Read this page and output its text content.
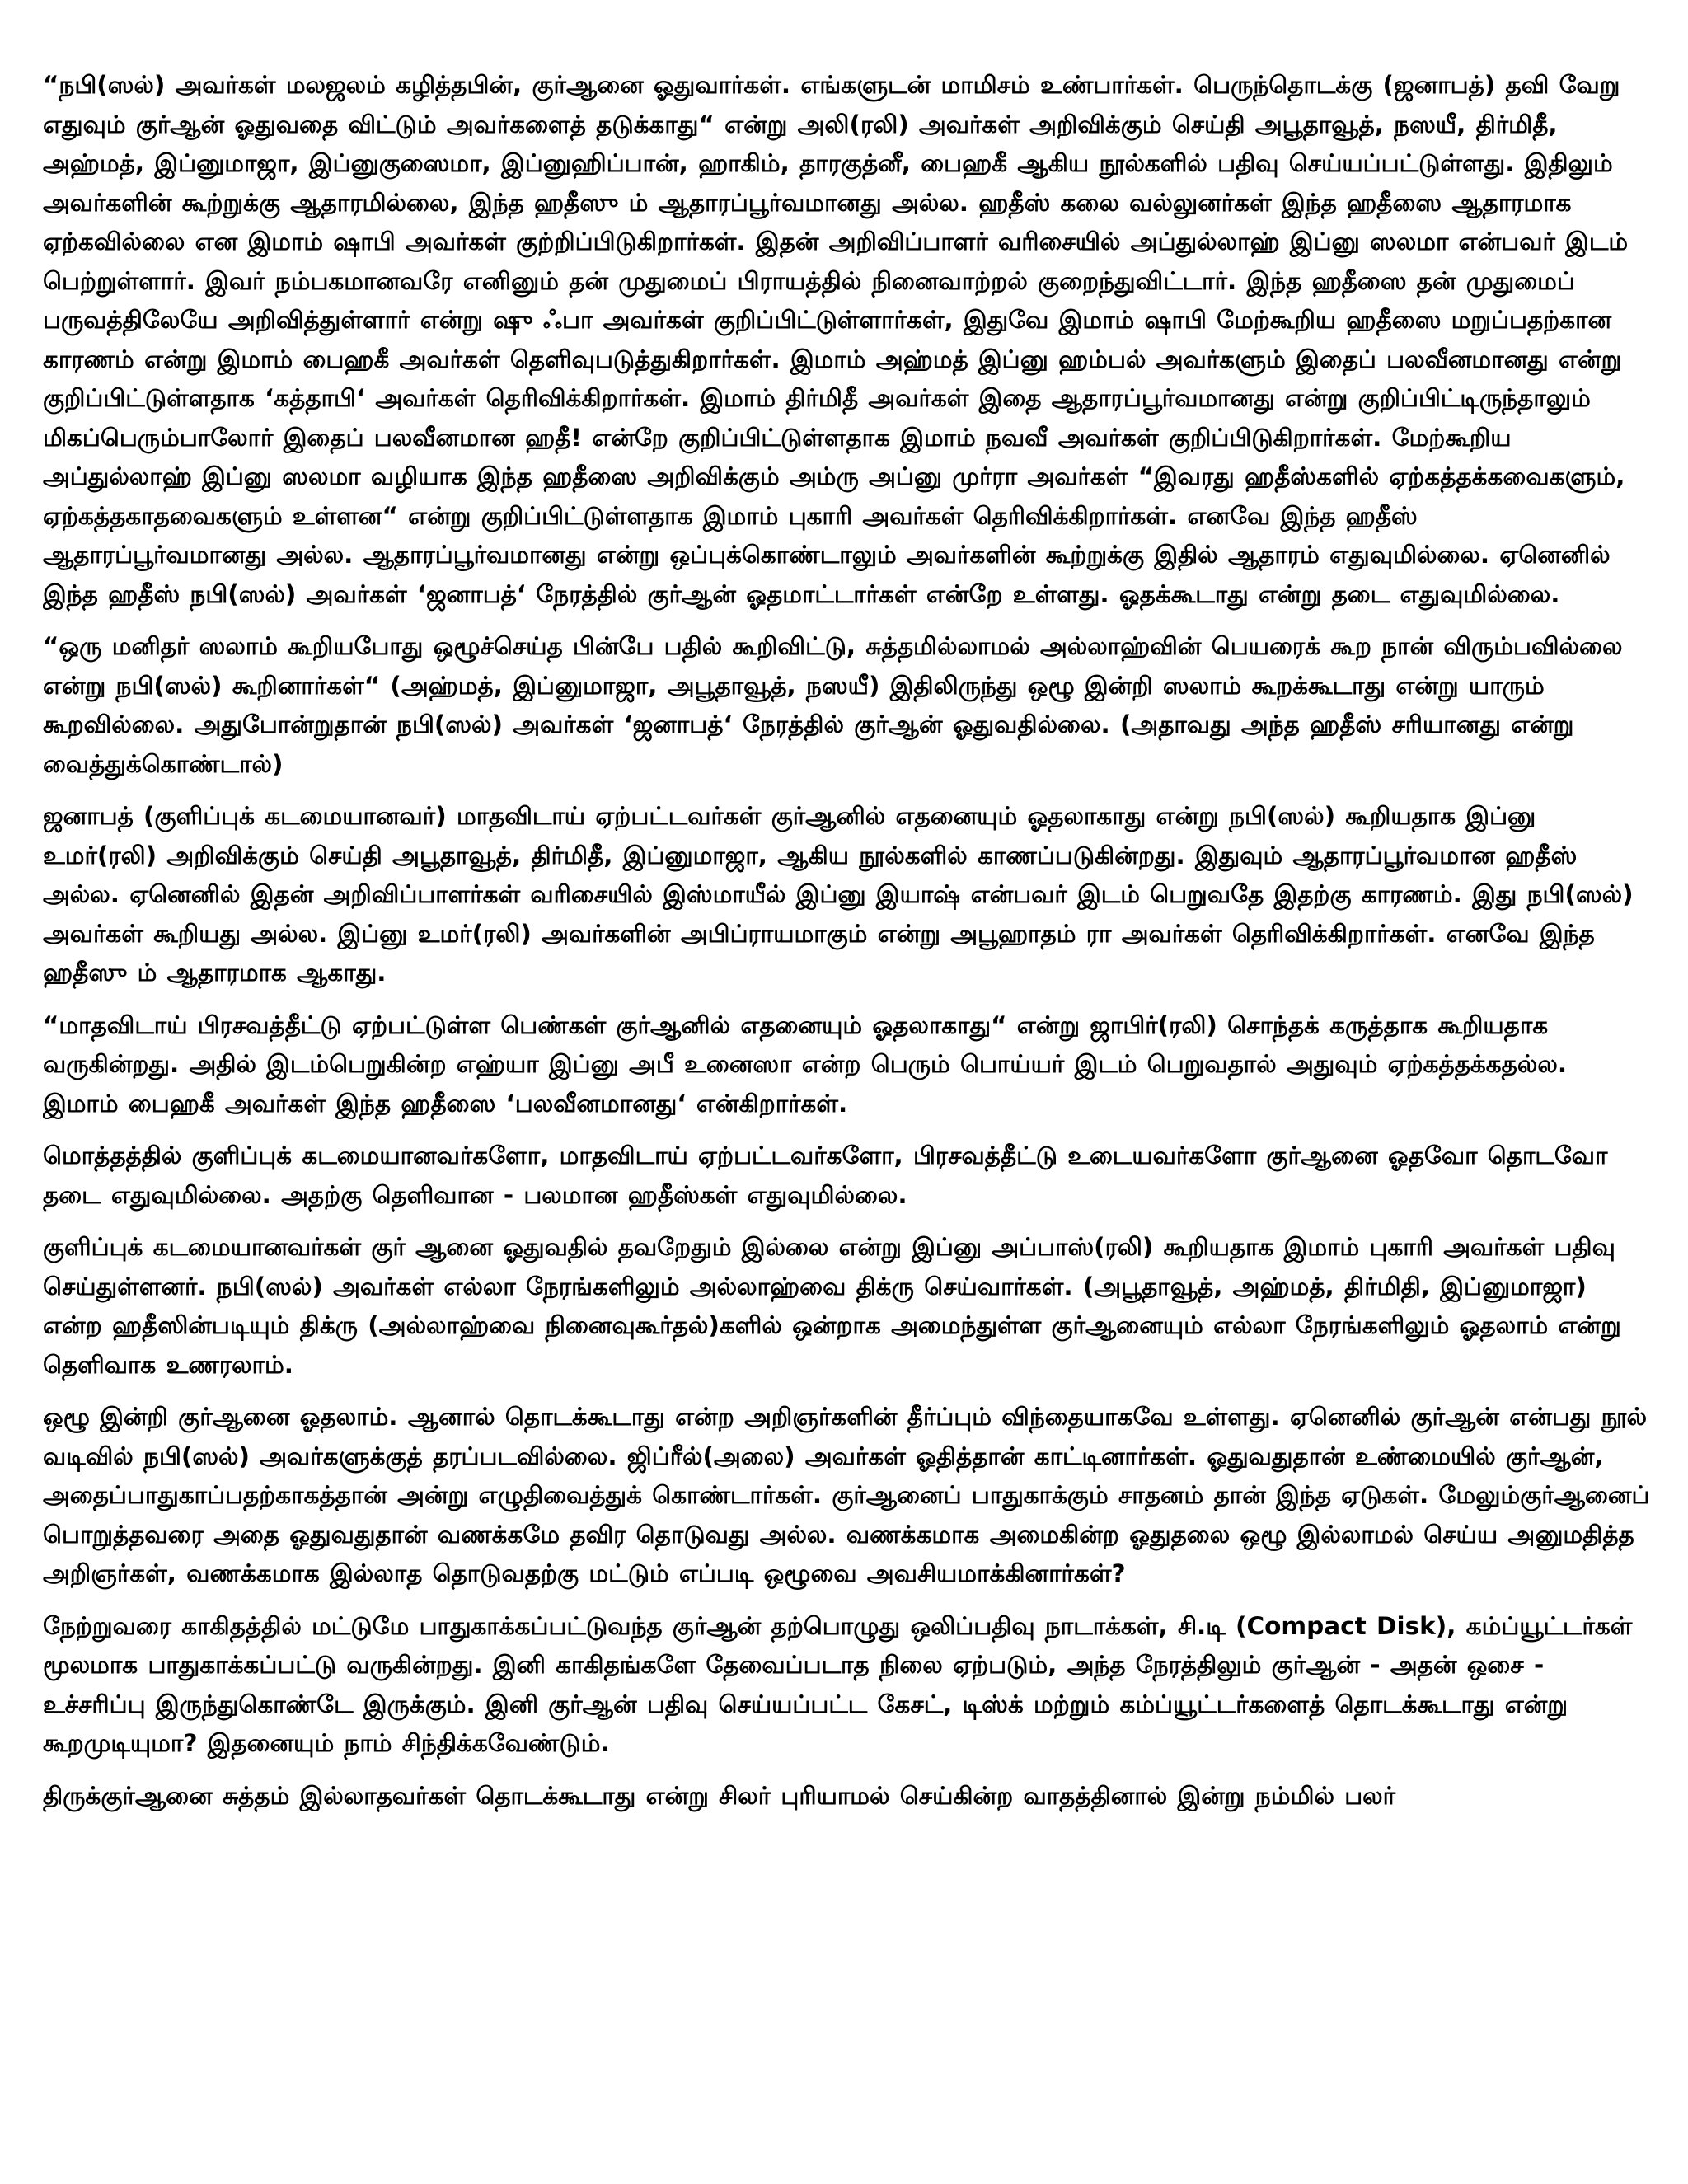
“நபி(ஸல்) அவர்கள் மலஜலம் கழித்தபின், குர்ஆனை ஓதுவார்கள். எங்களுடன் மாமிசம் உண்பார்கள். பெருந்தொடக்கு (ஜனாபத்) தவி வேறு எதுவும் குர்ஆன் ஓதுவதை விட்டும் அவர்களைத் தடுக்காது“ என்று அலி(ரலி) அவர்கள் அறிவிக்கும் செய்தி அபூதாவூத், நஸயீ, திர்மிதீ, அஹ்மத், இப்னுமாஜா, இப்னுகுஸைமா, இப்னுஹிப்பான், ஹாகிம், தாரகுத்னீ, பைஹகீ ஆகிய நூல்களில் பதிவு செய்யப்பட்டுள்ளது. இதிலும் அவர்களின் கூற்றுக்கு ஆதாரமில்லை, இந்த ஹதீஸு ம் ஆதாரப்பூர்வமானது அல்ல. ஹதீஸ் கலை வல்லுனர்கள் இந்த ஹதீஸை ஆதாரமாக ஏற்கவில்லை என இமாம் ஷாபி அவர்கள் குற்றிப்பிடுகிறார்கள். இதன் அறிவிப்பாளர் வரிசையில் அப்துல்லாஹ் இப்னு ஸலமா என்பவர் இடம் பெற்றுள்ளார். இவர் நம்பகமானவரே எனினும் தன் முதுமைப் பிராயத்தில் நினைவாற்றல் குறைந்துவிட்டார். இந்த ஹதீஸை தன் முதுமைப் பருவத்திலேயே அறிவித்துள்ளார் என்று ஷு ஃபா அவர்கள் குறிப்பிட்டுள்ளார்கள், இதுவே இமாம் ஷாபி மேற்கூறிய ஹதீஸை மறுப்பதற்கான காரணம் என்று இமாம் பைஹகீ அவர்கள் தெளிவுபடுத்துகிறார்கள். இமாம் அஹ்மத் இப்னு ஹம்பல் அவர்களும் இதைப் பலவீனமானது என்று குறிப்பிட்டுள்ளதாக ‘கத்தாபி‘ அவர்கள் தெரிவிக்கிறார்கள். இமாம் திர்மிதீ அவர்கள் இதை ஆதாரப்பூர்வமானது என்று குறிப்பிட்டிருந்தாலும் மிகப்பெரும்பாலோர் இதைப் பலவீனமான ஹதீ! என்றே குறிப்பிட்டுள்ளதாக இமாம் நவவீ அவர்கள் குறிப்பிடுகிறார்கள். மேற்கூறிய அப்துல்லாஹ் இப்னு ஸலமா வழியாக இந்த ஹதீஸை அறிவிக்கும் அம்ரு அப்னு முர்ரா அவர்கள் “இவரது ஹதீஸ்களில் ஏற்கத்தக்கவைகளும், ஏற்கத்தகாதவைகளும் உள்ளன“ என்று குறிப்பிட்டுள்ளதாக இமாம் புகாரி அவர்கள் தெரிவிக்கிறார்கள். எனவே இந்த ஹதீஸ் ஆதாரப்பூர்வமானது அல்ல. ஆதாரப்பூர்வமானது என்று ஒப்புக்கொண்டாலும் அவர்களின் கூற்றுக்கு இதில் ஆதாரம் எதுவுமில்லை. ஏனெனில் இந்த ஹதீஸ் நபி(ஸல்) அவர்கள் ‘ஜனாபத்‘ நேரத்தில் குர்ஆன் ஓதமாட்டார்கள் என்றே உள்ளது. ஓதக்கூடாது என்று தடை எதுவுமில்லை.

“ஒரு மனிதர் ஸலாம் கூறியபோது ஒழூச்செய்த பின்பே பதில் கூறிவிட்டு, சுத்தமில்லாமல் அல்லாஹ்வின் பெயரைக் கூற நான் விரும்பவில்லை என்று நபி(ஸல்) கூறினார்கள்“ (அஹ்மத், இப்னுமாஜா, அபூதாவூத், நஸயீ) இதிலிருந்து ஒழூ இன்றி ஸலாம் கூறக்கூடாது என்று யாரும் கூறவில்லை. அதுபோன்றுதான் நபி(ஸல்) அவர்கள் ‘ஜனாபத்‘ நேரத்தில் குர்ஆன் ஓதுவதில்லை. (அதாவது அந்த ஹதீஸ் சரியானது என்று வைத்துக்கொண்டால்)

ஜனாபத் (குளிப்புக் கடமையானவர்) மாதவிடாய் ஏற்பட்டவர்கள் குர்ஆனில் எதனையும் ஓதலாகாது என்று நபி(ஸல்) கூறியதாக இப்னு உமர்(ரலி) அறிவிக்கும் செய்தி அபூதாவூத், திர்மிதீ, இப்னுமாஜா, ஆகிய நூல்களில் காணப்படுகின்றது. இதுவும் ஆதாரப்பூர்வமான ஹதீஸ் அல்ல. ஏனெனில் இதன் அறிவிப்பாளர்கள் வரிசையில் இஸ்மாயீல் இப்னு இயாஷ் என்பவர் இடம் பெறுவதே இதற்கு காரணம். இது நபி(ஸல்) அவர்கள் கூறியது அல்ல. இப்னு உமர்(ரலி) அவர்களின் அபிப்ராயமாகும் என்று அபூஹாதம் ரா அவர்கள் தெரிவிக்கிறார்கள். எனவே இந்த ஹதீஸு ம் ஆதாரமாக ஆகாது.

“மாதவிடாய் பிரசவத்தீட்டு ஏற்பட்டுள்ள பெண்கள் குர்ஆனில் எதனையும் ஓதலாகாது“ என்று ஜாபிர்(ரலி) சொந்தக் கருத்தாக கூறியதாக வருகின்றது. அதில் இடம்பெறுகின்ற எஹ்யா இப்னு அபீ உனைஸா என்ற பெரும் பொய்யர் இடம் பெறுவதால் அதுவும் ஏற்கத்தக்கதல்ல. இமாம் பைஹகீ அவர்கள் இந்த ஹதீஸை ‘பலவீனமானது‘ என்கிறார்கள்.

மொத்தத்தில் குளிப்புக் கடமையானவர்களோ, மாதவிடாய் ஏற்பட்டவர்களோ, பிரசவத்தீட்டு உடையவர்களோ குர்ஆனை ஓதவோ தொடவோ தடை எதுவுமில்லை. அதற்கு தெளிவான - பலமான ஹதீஸ்கள் எதுவுமில்லை.

குளிப்புக் கடமையானவர்கள் குர் ஆனை ஓதுவதில் தவறேதும் இல்லை என்று இப்னு அப்பாஸ்(ரலி) கூறியதாக இமாம் புகாரி அவர்கள் பதிவு செய்துள்ளனர். நபி(ஸல்) அவர்கள் எல்லா நேரங்களிலும் அல்லாஹ்வை திக்ரு செய்வார்கள். (அபூதாவூத், அஹ்மத், திர்மிதி, இப்னுமாஜா) என்ற ஹதீஸின்படியும் திக்ரு (அல்லாஹ்வை நினைவுகூர்தல்)களில் ஒன்றாக அமைந்துள்ள குர்ஆனையும் எல்லா நேரங்களிலும் ஓதலாம் என்று தெளிவாக உணரலாம்.

ஒழூ இன்றி குர்ஆனை ஓதலாம். ஆனால் தொடக்கூடாது என்ற அறிஞர்களின் தீர்ப்பும் விந்தையாகவே உள்ளது. ஏனெனில் குர்ஆன் என்பது நூல் வடிவில் நபி(ஸல்) அவர்களுக்குத் தரப்படவில்லை. ஜிப்ரீல்(அலை) அவர்கள் ஓதித்தான் காட்டினார்கள். ஓதுவதுதான் உண்மையில் குர்ஆன், அதைப்பாதுகாப்பதற்காகத்தான் அன்று எழுதிவைத்துக் கொண்டார்கள். குர்ஆனைப் பாதுகாக்கும் சாதனம் தான் இந்த ஏடுகள். மேலும்குர்ஆனைப் பொறுத்தவரை அதை ஓதுவதுதான் வணக்கமே தவிர தொடுவது அல்ல. வணக்கமாக அமைகின்ற ஓதுதலை ஒழூ இல்லாமல் செய்ய அனுமதித்த அறிஞர்கள், வணக்கமாக இல்லாத தொடுவதற்கு மட்டும் எப்படி ஒழூவை அவசியமாக்கினார்கள்?

நேற்றுவரை காகிதத்தில் மட்டுமே பாதுகாக்கப்பட்டுவந்த குர்ஆன் தற்பொழுது ஒலிப்பதிவு நாடாக்கள், சி.டி (Compact Disk), கம்ப்யூட்டர்கள் மூலமாக பாதுகாக்கப்பட்டு வருகின்றது. இனி காகிதங்களே தேவைப்படாத நிலை ஏற்படும், அந்த நேரத்திலும் குர்ஆன் - அதன் ஒசை - உச்சரிப்பு இருந்துகொண்டே இருக்கும். இனி குர்ஆன் பதிவு செய்யப்பட்ட கேசட், டிஸ்க் மற்றும் கம்ப்யூட்டர்களைத் தொடக்கூடாது என்று கூறமுடியுமா? இதனையும் நாம் சிந்திக்கவேண்டும்.

திருக்குர்ஆனை சுத்தம் இல்லாதவர்கள் தொடக்கூடாது என்று சிலர் புரியாமல் செய்கின்ற வாதத்தினால் இன்று நம்மில் பலர்
